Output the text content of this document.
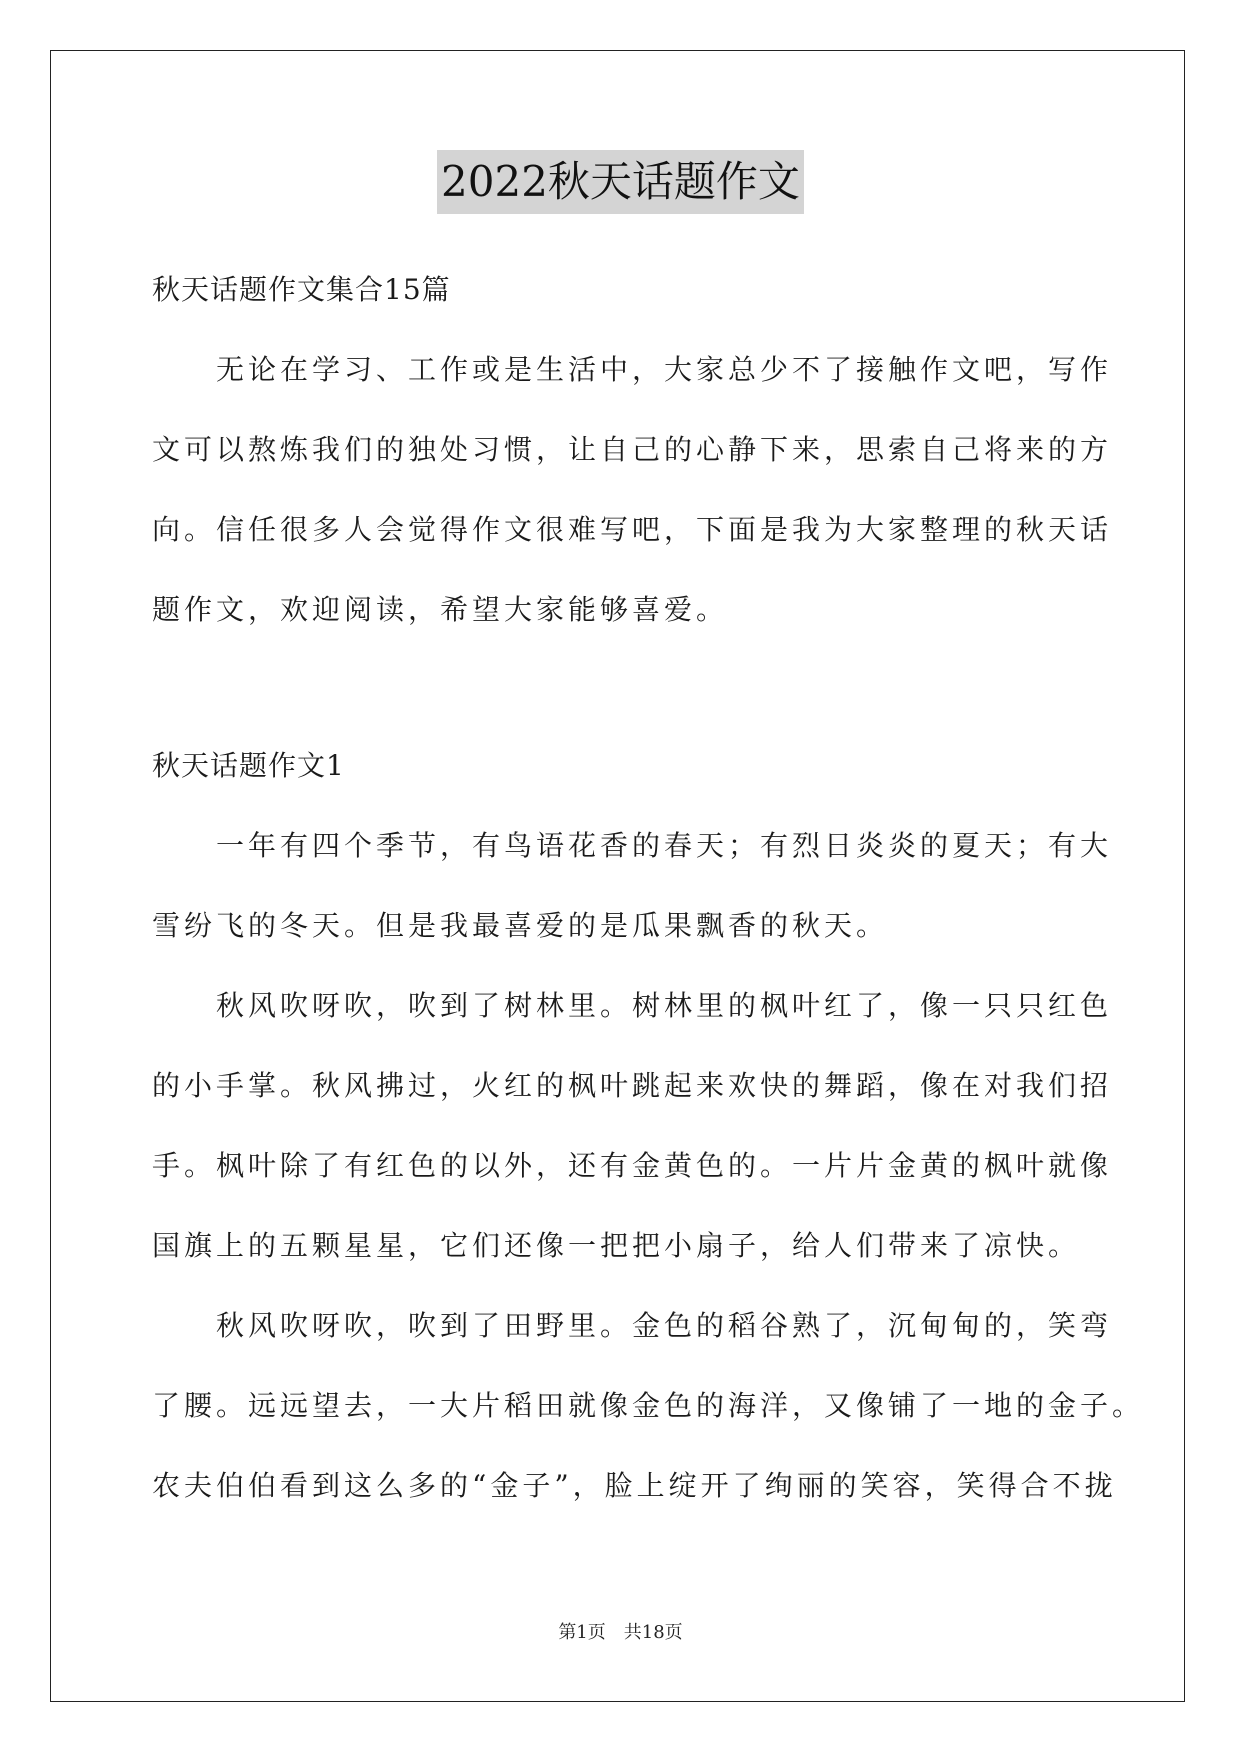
2022秋天话题作文
秋天话题作文集合15篇
无论在学习、工作或是生活中，大家总少不了接触作文吧，写作
文可以熬炼我们的独处习惯，让自己的心静下来，思索自己将来的方
向。信任很多人会觉得作文很难写吧，下面是我为大家整理的秋天话
题作文，欢迎阅读，希望大家能够喜爱。
秋天话题作文1
一年有四个季节，有鸟语花香的春天；有烈日炎炎的夏天；有大
雪纷飞的冬天。但是我最喜爱的是瓜果飘香的秋天。
秋风吹呀吹，吹到了树林里。树林里的枫叶红了，像一只只红色
的小手掌。秋风拂过，火红的枫叶跳起来欢快的舞蹈，像在对我们招
手。枫叶除了有红色的以外，还有金黄色的。一片片金黄的枫叶就像
国旗上的五颗星星，它们还像一把把小扇子，给人们带来了凉快。
秋风吹呀吹，吹到了田野里。金色的稻谷熟了，沉甸甸的，笑弯
了腰。远远望去，一大片稻田就像金色的海洋，又像铺了一地的金子。
农夫伯伯看到这么多的“金子”，脸上绽开了绚丽的笑容，笑得合不拢
第1页　共18页
